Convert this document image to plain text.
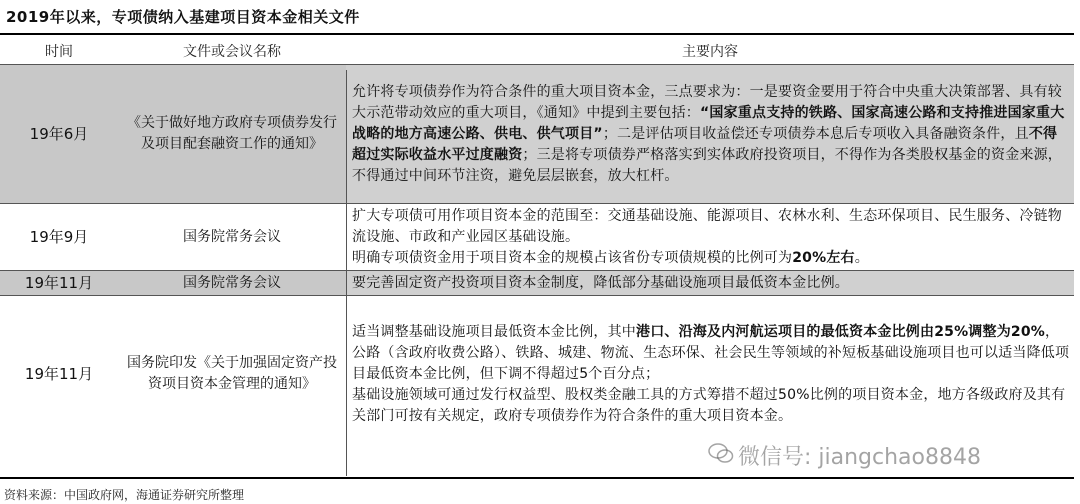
2019年以来，专项债纳入基建项目资本金相关文件
时间	文件或会议名称	主要内容
19年6月	《关于做好地方政府专项债券发行及项目配套融资工作的通知》	允许将专项债券作为符合条件的重大项目资本金，三点要求为：一是要资金要用于符合中央重大决策部署、具有较大示范带动效应的重大项目，《通知》中提到主要包括：“国家重点支持的铁路、国家高速公路和支持推进国家重大战略的地方高速公路、供电、供气项目”；二是评估项目收益偿还专项债券本息后专项收入具备融资条件，且不得超过实际收益水平过度融资；三是将专项债券严格落实到实体政府投资项目，不得作为各类股权基金的资金来源，不得通过中间环节注资，避免层层嵌套，放大杠杆。
19年9月	国务院常务会议	扩大专项债可用作项目资本金的范围至：交通基础设施、能源项目、农林水利、生态环保项目、民生服务、冷链物流设施、市政和产业园区基础设施。
明确专项债资金用于项目资本金的规模占该省份专项债规模的比例可为20%左右。
19年11月	国务院常务会议	要完善固定资产投资项目资本金制度，降低部分基础设施项目最低资本金比例。
19年11月	国务院印发《关于加强固定资产投资项目资本金管理的通知》	适当调整基础设施项目最低资本金比例，其中港口、沿海及内河航运项目的最低资本金比例由25%调整为20%，公路（含政府收费公路）、铁路、城建、物流、生态环保、社会民生等领域的补短板基础设施项目也可以适当降低项目最低资本金比例，但下调不得超过5个百分点；
基础设施领域可通过发行权益型、股权类金融工具的方式筹措不超过50%比例的项目资本金，地方各级政府及其有关部门可按有关规定，政府专项债券作为符合条件的重大项目资本金。
微信号: jiangchao8848
资料来源：中国政府网，海通证券研究所整理
